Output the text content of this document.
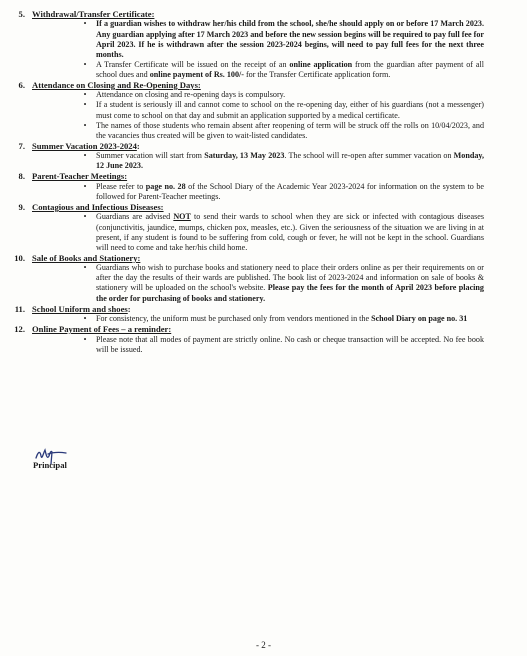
5. Withdrawal/Transfer Certificate:
•	If a guardian wishes to withdraw her/his child from the school, she/he should apply on or before 17 March 2023. Any guardian applying after 17 March 2023 and before the new session begins will be required to pay full fee for April 2023. If he is withdrawn after the session 2023-2024 begins, will need to pay full fees for the next three months.
•	A Transfer Certificate will be issued on the receipt of an online application from the guardian after payment of all school dues and online payment of Rs. 100/- for the Transfer Certificate application form.
6. Attendance on Closing and Re-Opening Days:
•	Attendance on closing and re-opening days is compulsory.
•	If a student is seriously ill and cannot come to school on the re-opening day, either of his guardians (not a messenger) must come to school on that day and submit an application supported by a medical certificate.
•	The names of those students who remain absent after reopening of term will be struck off the rolls on 10/04/2023, and the vacancies thus created will be given to wait-listed candidates.
7. Summer Vacation 2023-2024:
•	Summer vacation will start from Saturday, 13 May 2023. The school will re-open after summer vacation on Monday, 12 June 2023.
8. Parent-Teacher Meetings:
•	Please refer to page no. 28 of the School Diary of the Academic Year 2023-2024 for information on the system to be followed for Parent-Teacher meetings.
9. Contagious and Infectious Diseases:
•	Guardians are advised NOT to send their wards to school when they are sick or infected with contagious diseases (conjunctivitis, jaundice, mumps, chicken pox, measles, etc.). Given the seriousness of the situation we are living in at present, if any student is found to be suffering from cold, cough or fever, he will not be kept in the school. Guardians will need to come and take her/his child home.
10. Sale of Books and Stationery:
•	Guardians who wish to purchase books and stationery need to place their orders online as per their requirements on or after the day the results of their wards are published. The book list of 2023-2024 and information on sale of books & stationery will be uploaded on the school's website. Please pay the fees for the month of April 2023 before placing the order for purchasing of books and stationery.
11. School Uniform and shoes:
•	For consistency, the uniform must be purchased only from vendors mentioned in the School Diary on page no. 31
12. Online Payment of Fees – a reminder:
•	Please note that all modes of payment are strictly online. No cash or cheque transaction will be accepted. No fee book will be issued.
Principal
- 2 -
